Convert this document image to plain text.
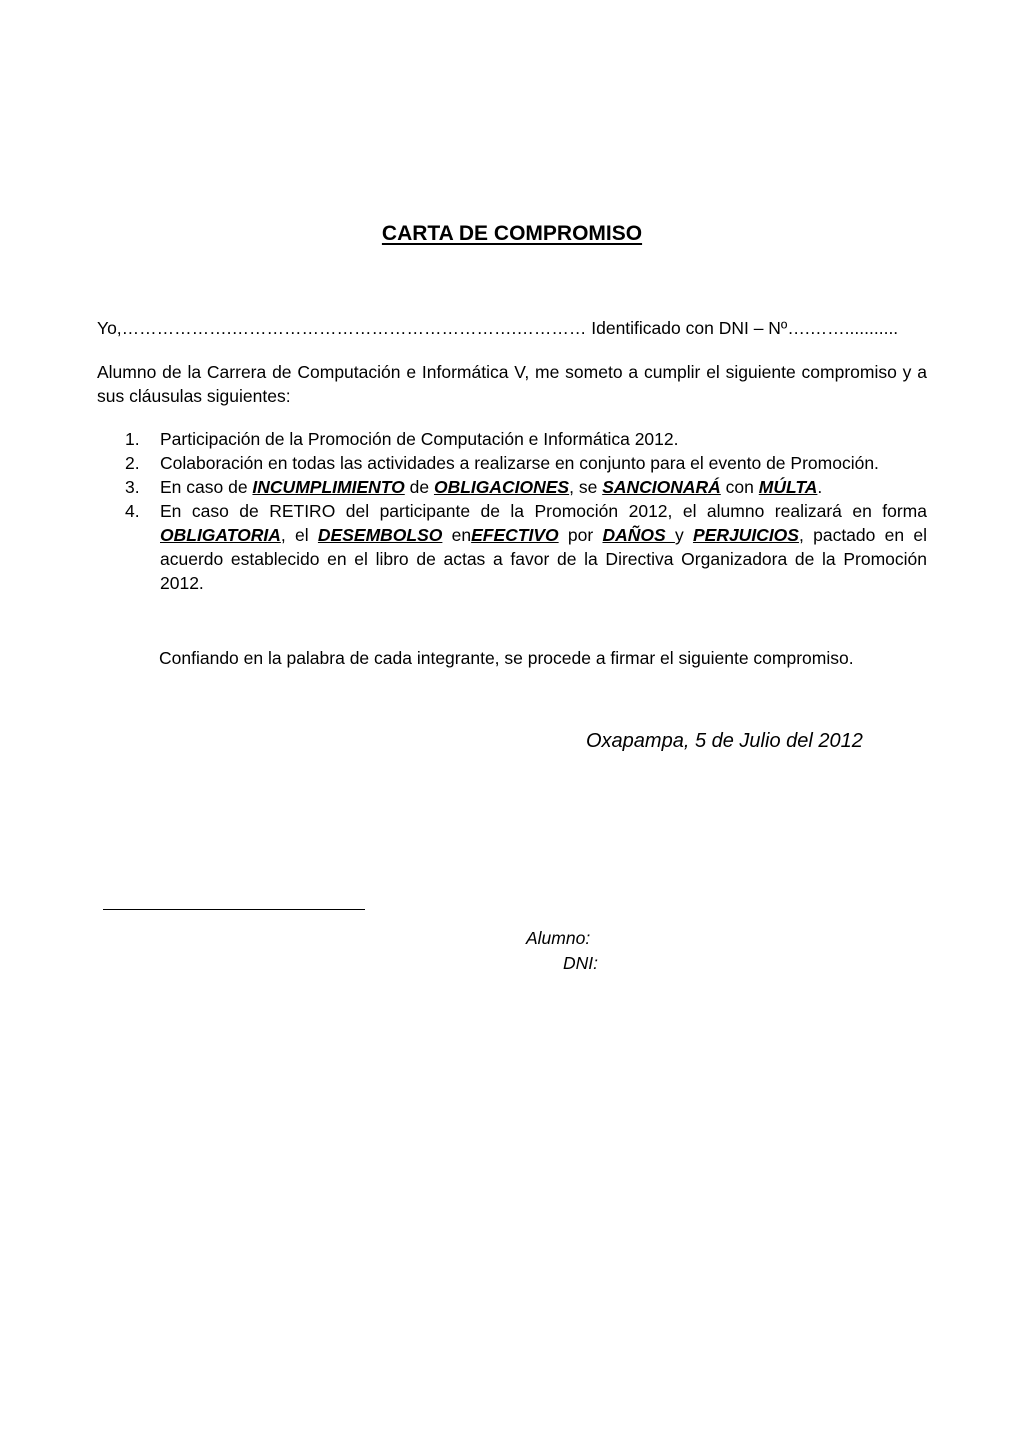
CARTA DE COMPROMISO
Yo,……………….………………………………………….………… Identificado con DNI – Nº….……...........
Alumno de la Carrera de Computación e Informática V, me someto a cumplir el siguiente compromiso y a sus cláusulas siguientes:
1. Participación de la Promoción de Computación e Informática 2012.
2. Colaboración en todas las actividades a realizarse en conjunto para el evento de Promoción.
3. En caso de INCUMPLIMIENTO de OBLIGACIONES, se SANCIONARÁ con MÚLTA.
4. En caso de RETIRO del participante de la Promoción 2012, el alumno realizará en forma OBLIGATORIA, el DESEMBOLSO enEFECTIVO por DAÑOS y PERJUICIOS, pactado en el acuerdo establecido en el libro de actas a favor de la Directiva Organizadora de la Promoción 2012.
Confiando en la palabra de cada integrante, se procede a firmar el siguiente compromiso.
Oxapampa, 5 de Julio del 2012
Alumno:
DNI:
